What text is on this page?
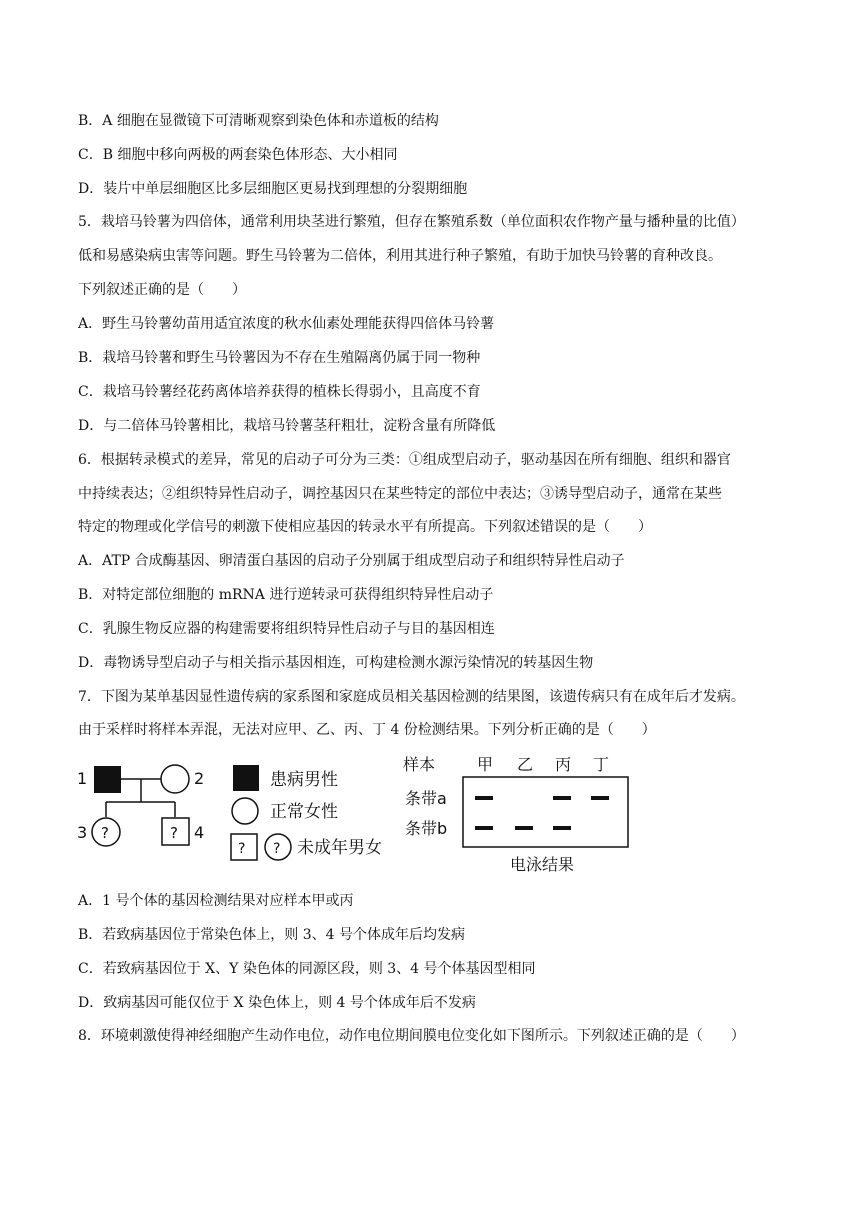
B．A 细胞在显微镜下可清晰观察到染色体和赤道板的结构
C．B 细胞中移向两极的两套染色体形态、大小相同
D．装片中单层细胞区比多层细胞区更易找到理想的分裂期细胞
5．栽培马铃薯为四倍体，通常利用块茎进行繁殖，但存在繁殖系数（单位面积农作物产量与播种量的比值）
低和易感染病虫害等问题。野生马铃薯为二倍体，利用其进行种子繁殖，有助于加快马铃薯的育种改良。
下列叙述正确的是（　　）
A．野生马铃薯幼苗用适宜浓度的秋水仙素处理能获得四倍体马铃薯
B．栽培马铃薯和野生马铃薯因为不存在生殖隔离仍属于同一物种
C．栽培马铃薯经花药离体培养获得的植株长得弱小，且高度不育
D．与二倍体马铃薯相比，栽培马铃薯茎秆粗壮，淀粉含量有所降低
6．根据转录模式的差异，常见的启动子可分为三类：①组成型启动子，驱动基因在所有细胞、组织和器官
中持续表达；②组织特异性启动子，调控基因只在某些特定的部位中表达；③诱导型启动子，通常在某些
特定的物理或化学信号的刺激下使相应基因的转录水平有所提高。下列叙述错误的是（　　）
A．ATP 合成酶基因、卵清蛋白基因的启动子分别属于组成型启动子和组织特异性启动子
B．对特定部位细胞的 mRNA 进行逆转录可获得组织特异性启动子
C．乳腺生物反应器的构建需要将组织特异性启动子与目的基因相连
D．毒物诱导型启动子与相关指示基因相连，可构建检测水源污染情况的转基因生物
7．下图为某单基因显性遗传病的家系图和家庭成员相关基因检测的结果图，该遗传病只有在成年后才发病。
由于采样时将样本弄混，无法对应甲、乙、丙、丁 4 份检测结果。下列分析正确的是（　　）
1	2
3 ?	? 4
患病男性
正常女性
? ? 未成年男女
样本	甲 乙 丙 丁
条带a
条带b
电泳结果
A．1 号个体的基因检测结果对应样本甲或丙
B．若致病基因位于常染色体上，则 3、4 号个体成年后均发病
C．若致病基因位于 X、Y 染色体的同源区段，则 3、4 号个体基因型相同
D．致病基因可能仅位于 X 染色体上，则 4 号个体成年后不发病
8．环境刺激使得神经细胞产生动作电位，动作电位期间膜电位变化如下图所示。下列叙述正确的是（　　）
